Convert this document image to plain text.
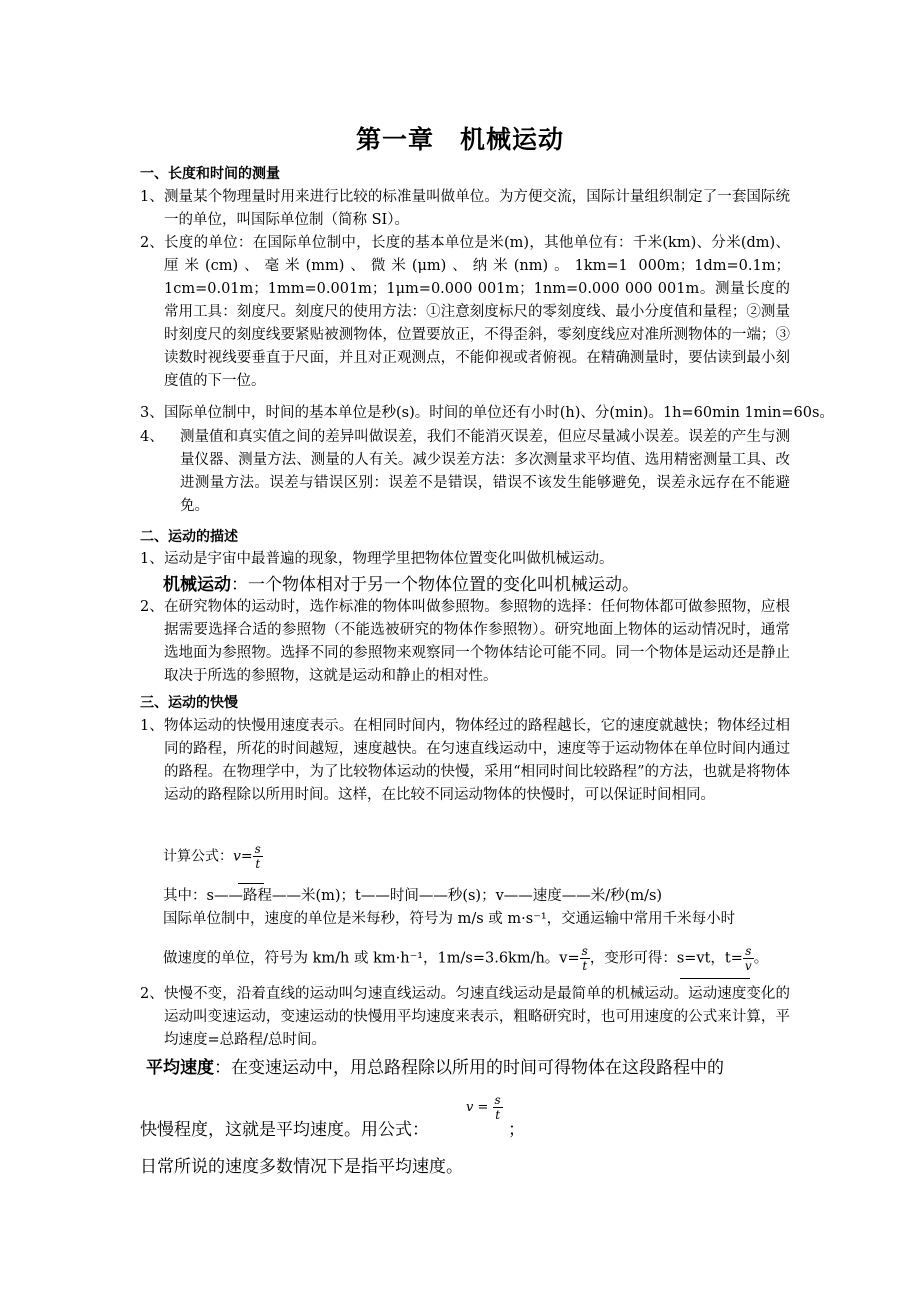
第一章　机械运动
一、长度和时间的测量
1、 测量某个物理量时用来进行比较的标准量叫做单位。为方便交流，国际计量组织制定了一套国际统一的单位，叫国际单位制（简称 SI）。
2、 长度的单位：在国际单位制中，长度的基本单位是米(m)，其他单位有：千米(km)、分米(dm)、厘米(cm)、毫米(mm)、微米(μm)、纳米(nm)。1km=1 000m；1dm=0.1m；1cm=0.01m；1mm=0.001m；1μm=0.000 001m；1nm=0.000 000 001m。测量长度的常用工具：刻度尺。刻度尺的使用方法：①注意刻度标尺的零刻度线、最小分度值和量程；②测量时刻度尺的刻度线要紧贴被测物体，位置要放正，不得歪斜，零刻度线应对准所测物体的一端；③读数时视线要垂直于尺面，并且对正观测点，不能仰视或者俯视。在精确测量时，要估读到最小刻度值的下一位。
3、 国际单位制中，时间的基本单位是秒(s)。时间的单位还有小时(h)、分(min)。1h=60min 1min=60s。
4、	测量值和真实值之间的差异叫做误差，我们不能消灭误差，但应尽量减小误差。误差的产生与测量仪器、测量方法、测量的人有关。减少误差方法：多次测量求平均值、选用精密测量工具、改进测量方法。误差与错误区别：误差不是错误，错误不该发生能够避免，误差永远存在不能避免。
二、运动的描述
1、 运动是宇宙中最普遍的现象，物理学里把物体位置变化叫做机械运动。
机械运动：一个物体相对于另一个物体位置的变化叫机械运动。
2、 在研究物体的运动时，选作标准的物体叫做参照物。参照物的选择：任何物体都可做参照物，应根据需要选择合适的参照物（不能选被研究的物体作参照物）。研究地面上物体的运动情况时，通常选地面为参照物。选择不同的参照物来观察同一个物体结论可能不同。同一个物体是运动还是静止取决于所选的参照物，这就是运动和静止的相对性。
三、运动的快慢
1、 物体运动的快慢用速度表示。在相同时间内，物体经过的路程越长，它的速度就越快；物体经过相同的路程，所花的时间越短，速度越快。在匀速直线运动中，速度等于运动物体在单位时间内通过的路程。在物理学中，为了比较物体运动的快慢，采用“相同时间比较路程”的方法，也就是将物体运动的路程除以所用时间。这样，在比较不同运动物体的快慢时，可以保证时间相同。
计算公式：$v= \frac{s}{t}$
其中：s——路程——米(m)；t——时间——秒(s)；v——速度——米/秒(m/s)
国际单位制中，速度的单位是米每秒，符号为 m/s 或 m·s⁻¹，交通运输中常用千米每小时
做速度的单位，符号为 km/h 或 km·h⁻¹，1m/s=3.6km/h。$v= \frac{s}{t}$ ，变形可得：s=vt，$t= \frac{s}{v}$ 。
2、 快慢不变，沿着直线的运动叫匀速直线运动。匀速直线运动是最简单的机械运动。运动速度变化的运动叫变速运动，变速运动的快慢用平均速度来表示，粗略研究时，也可用速度的公式来计算，平均速度=总路程/总时间。
平均速度：在变速运动中，用总路程除以所用的时间可得物体在这段路程中的
快慢程度，这就是平均速度。用公式：
$v = \frac{s}{t}$
；
日常所说的速度多数情况下是指平均速度。
